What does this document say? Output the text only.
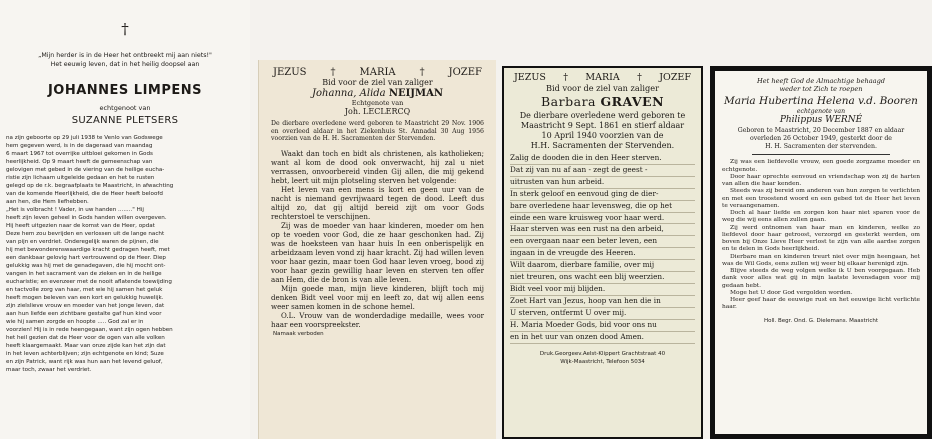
†
„Mijn herder is in de Heer het ontbreekt mij aan niets!"
Het eeuwig leven, dat in het heilig doopsel aan
JOHANNES LIMPENS
echtgenoot van
SUZANNE PLETSERS
na zijn geboorte op 29 juli 1938 te Venlo van Godswege
hem gegeven werd, is in de dageraad van maandag
6 maart 1967 tot overrijke uitbloei gekomen in Gods
heerlijkheid. Op 9 maart heeft de gemeenschap van
gelovigen met gebed in de viering van de heilige eucha-
ristie zijn lichaam uitgeleide gedaan en het te rusten
gelegd op de r.k. begraafplaats te Maastricht, in afwachting
van de komende Heerlijkheid, die de Heer heeft beloofd
aan hen, die Hem liefhebben.
„Het is volbracht ! Vader, in uw handen ........" Hij
heeft zijn leven geheel in Gods handen willen overgeven.
Hij heeft uitgezien naar de komst van de Heer, opdat
Deze hem zou bevrijden en verlossen uit de lange nacht
van pijn en verdriet. Onderegelijk waren de pijnen, die
hij met bewonderenswaardige kracht gedragen heeft, met
een dankbaar gelovig hart vertrouwend op de Heer. Diep
gelukkig was hij met de genadegaven, die hij mocht ont-
vangen in het sacrament van de zieken en in de heilige
eucharistie; en evenzeer met de nooit aflatende toewijding
en tactvolle zorg van haar, met wie hij samen het geluk
heeft mogen beleven van een kort en gelukkig huwelijk.
zijn zielslieve vrouw en moeder van het jonge leven, dat
aan hun liefde een zichtbare gestalte gaf hun kind voor
wie hij samen zorgde en hoopte ..... God zal er in
voorzien! Hij is in rede heengegaan, want zijn ogen hebben
het heil gezien dat de Heer voor de ogen van alle volken
heeft klaargemaakt. Maar van onze zijde kan het zijn dat
in het leven achterblijven; zijn echtgenote en kind; Suze
en zijn Patrick, want rijk was hun aan het levend geluof,
maar toch, zwaar het verdriet.
JEZUS † MARIA † JOZEF
Bid voor de ziel van zaliger
Johanna, Alida NEIJMAN
Echtgenote van
Joh. LECLERCQ
De dierbare overledene werd geboren te Maastricht 29 Nov. 1906 en overleed aldaar in het Ziekenhuis St. Annadal 30 Aug 1956 voorzien van de H. H. Sacramenten der Stervenden.

Waakt dan toch en bidt als christenen, als katholieken; want al kom de dood ook onverwacht, hij zal u niet verrassen, onvoorbereid vinden Gij allen, die mij gekend hebt, leert uit mijn plotseling sterven het volgende:

Het leven van een mens is kort en geen uur van de nacht is niemand gevrijwaard tegen de dood. Leeft dus altijd zo, dat gij altijd bereid zijt om voor Gods rechterstoel te verschijnen.

Zij was de moeder van haar kinderen, moeder om hen op te voeden voor God, die ze haar geschonken had. Zij was de hoeksteen van haar huis In een onberispelijk en arbeidzaam leven vond zij haar kracht. Zij had willen leven voor haar gezin, maar toen God haar leven vroeg, bood zij voor haar gezin gewillig haar leven en sterven ten offer aan Hem, die de bron is van alle leven.

Mijn goede man, mijn lieve kinderen, blijft toch mij denken Bidt veel voor mij en leeft zo, dat wij allen eens weer samen komen in de schone hemel.

O.L. Vrouw van de wonderdadige medaille, wees voor haar een voorspreekster.

Namaak verboden
JEZUS † MARIA † JOZEF
Bid voor de ziel van zaliger
Barbara GRAVEN
De dierbare overledene werd geboren te
Maastricht 9 Sept. 1861 en stierf aldaar
10 April 1940 voorzien van de
H.H. Sacramenten der Stervenden.
Zalig de dooden die in den Heer sterven.
Dat zij van nu af aan - zegt de geest -
uitrusten van hun arbeid.
In sterk geloof en eenvoud ging de dier-
bare overledene haar levensweg, die op het
einde een ware kruisweg voor haar werd.
Haar sterven was een rust na den arbeid,
een overgaan naar een beter leven, een
ingaan in de vreugde des Heeren.
Wilt daarom, dierbare familie, over mij
niet treuren, ons wacht een blij weerzien.
Bidt veel voor mij blijden.
Zoet Hart van Jezus, hoop van hen die in
U sterven, ontfermt U over mij.
H. Maria Moeder Gods, bid voor ons nu
en in het uur van onzen dood Amen.
Druk.Georgeev.Aelst-Klippert Grachtstraat 40
Wijk-Maastricht, Telefoon 5034
Het heeft God de Almachtige behaagd
weder tot Zich te roepen
Maria Hubertina Helena v.d. Booren
echtgenote van
Philippus WERNÉ
Geboren te Maastricht, 20 December 1887 en aldaar
overleden 26 October 1949, gesterkt door de
H. H. Sacramenten der stervenden.

Zij was een liefdevolle vrouw, een goede zorgzame moeder en echtgenote.

Door haar oprechte eenvoud en vriendschap won zij de harten van allen die haar kenden.

Steeds was zij bereid om anderen van hun zorgen te verlichten en met een troostend woord en een gebed tot de Heer het leven te veraangenamen.

Doch al haar liefde en zorgen kon haar niet sparen voor de weg die wij eens allen zullen gaan.

Zij werd ontnomen van haar man en kinderen, welke zo liefdevol door haar getroost, verzorgd en gesterkt werden, om boven bij Onze Lieve Heer verlost te zijn van alle aardse zorgen en te delen in Gods heerlijkheid.

Dierbare man en kinderen treurt niet over mijn heengaan, het was de Wil Gods, eens zullen wij weer bij elkaar herenigd zijn.

Blijve steeds de weg volgen welke ik U ben voorgegaan. Heb dank voor alles wat gij in mijn laatste levensdagen voor mij gedaan hebt.

Moge het U door God vergolden worden.

Heer geef haar de eeuwige rust en het eeuwige licht verlichte haar.

Holl. Begr. Ond. G. Dielemans. Maastricht
